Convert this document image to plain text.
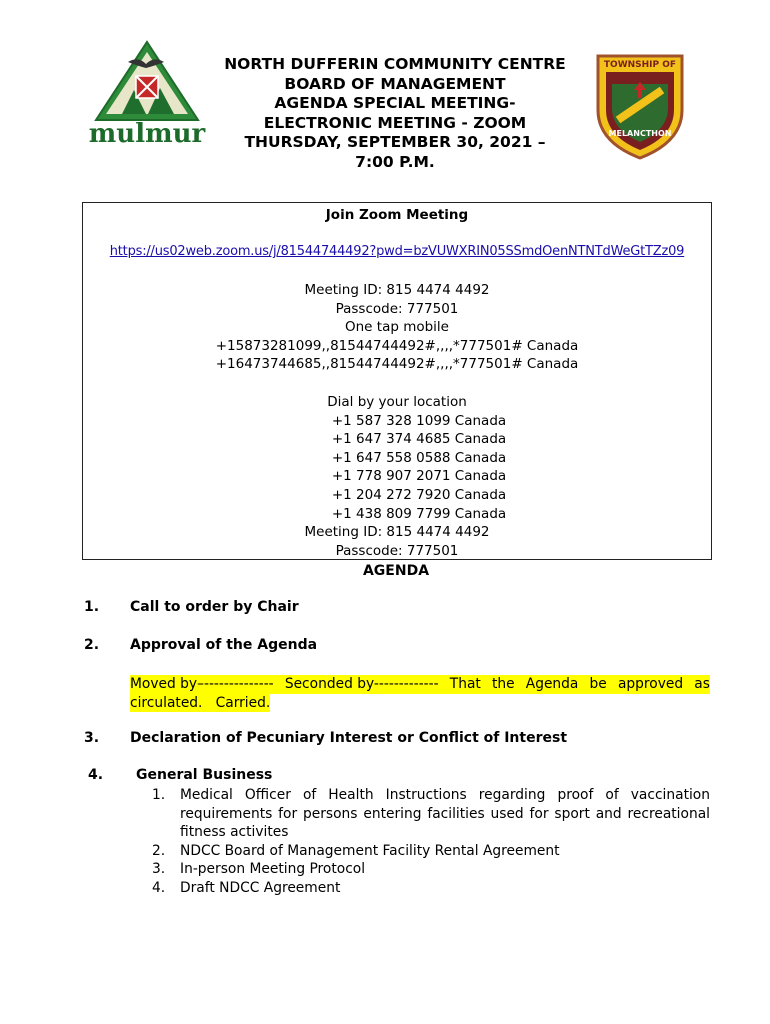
mulmur
TOWNSHIP OF
MELANCTHON
NORTH DUFFERIN COMMUNITY CENTRE
BOARD OF MANAGEMENT
AGENDA SPECIAL MEETING-
ELECTRONIC MEETING - ZOOM
THURSDAY, SEPTEMBER 30, 2021 –
7:00 P.M.
Join Zoom Meeting
https://us02web.zoom.us/j/81544744492?pwd=bzVUWXRIN05SSmdOenNTNTdWeGtTZz09
Meeting ID: 815 4474 4492
Passcode: 777501
One tap mobile
+15873281099,,81544744492#,,,,*777501# Canada
+16473744685,,81544744492#,,,,*777501# Canada
Dial by your location
+1 587 328 1099 Canada
+1 647 374 4685 Canada
+1 647 558 0588 Canada
+1 778 907 2071 Canada
+1 204 272 7920 Canada
+1 438 809 7799 Canada
Meeting ID: 815 4474 4492
Passcode: 777501
AGENDA
1. Call to order by Chair
2. Approval of the Agenda
Moved by–-------------- Seconded by------------- That the Agenda be approved as
circulated.   Carried.
3. Declaration of Pecuniary Interest or Conflict of Interest
4. General Business
1.	Medical Officer of Health Instructions regarding proof of vaccination requirements for persons entering facilities used for sport and recreational fitness activites
2.	NDCC Board of Management Facility Rental Agreement
3.	In-person Meeting Protocol
4.	Draft NDCC Agreement
